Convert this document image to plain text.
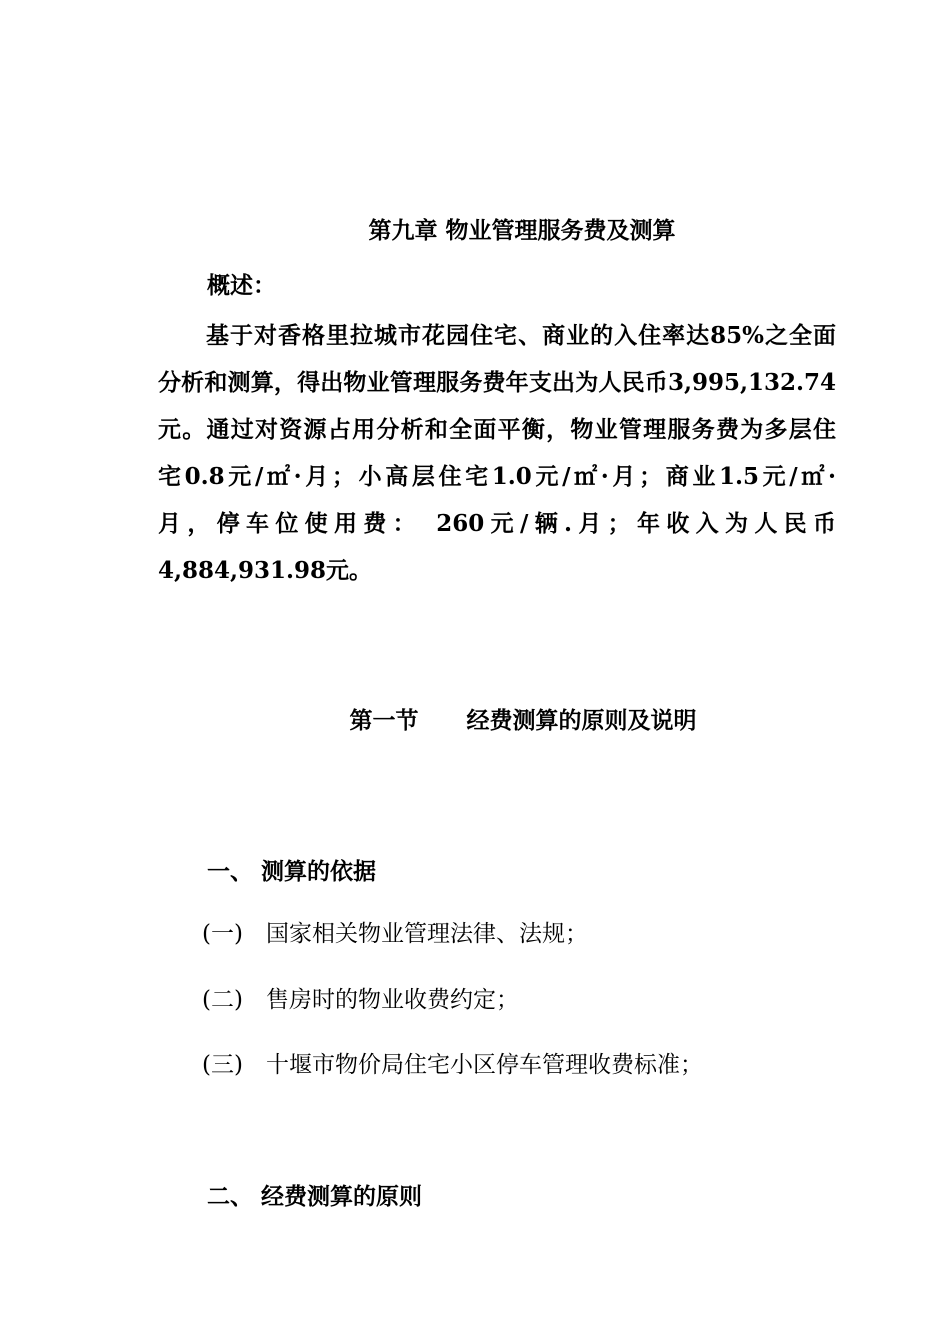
第九章 物业管理服务费及测算
概述：
基于对香格里拉城市花园住宅、商业的入住率达85%之全面
分析和测算，得出物业管理服务费年支出为人民币3,995,132.74
元。通过对资源占用分析和全面平衡，物业管理服务费为多层住
宅0.8元/㎡·月；小高层住宅1.0元/㎡·月；商业1.5元/㎡·
月，停车位使用费： 260元/辆.月；年收入为人民币
4,884,931.98元。
第一节      经费测算的原则及说明
一、 测算的依据
(一) 国家相关物业管理法律、法规；
(二) 售房时的物业收费约定；
(三) 十堰市物价局住宅小区停车管理收费标准；
二、 经费测算的原则
